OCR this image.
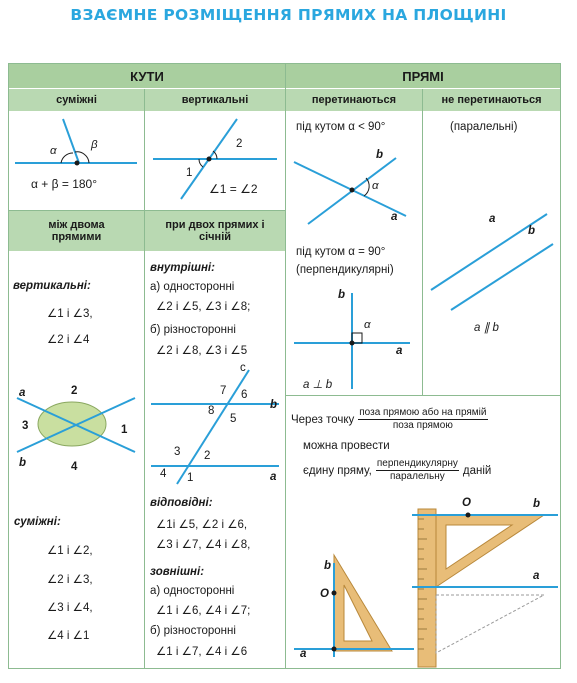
ВЗАЄМНЕ РОЗМІЩЕННЯ ПРЯМИХ НА ПЛОЩИНІ
КУТИ	ПРЯМІ
суміжні	вертикальні	перетинаються	не перетинаються
між двома прямими
при двох прямих і січній
α	β
α + β = 180°
2
1
∠1 = ∠2
вертикальні:
∠1 і ∠3,
∠2 і ∠4
a
b
2
3	1
4
суміжні:
∠1 і ∠2,
∠2 і ∠3,
∠3 і ∠4,
∠4 і ∠1
внутрішні:
а) односторонні
∠2 і ∠5, ∠3 і ∠8;
б) різносторонні
∠2 і ∠8, ∠3 і ∠5
c
b
a
7 6
8
5
3 2
4 1
відповідні:
∠1і ∠5, ∠2 і ∠6,
∠3 і ∠7, ∠4 і ∠8,
зовнішні:
а) односторонні
∠1 і ∠6, ∠4 і ∠7;
б) різносторонні
∠1 і ∠7, ∠4 і ∠6
під кутом α < 90°
b
α
a
під кутом α = 90°
(перпендикулярні)
b
α
a
a ⊥ b
(паралельні)
a
b
a ∥ b
Через точку $\frac{\text{поза прямою або на прямій}}{\text{поза прямою}}$
можна провести
єдину пряму, $\frac{\text{перпендикулярну}}{\text{паралельну}}$ даній
b
O
a
O	b
a
